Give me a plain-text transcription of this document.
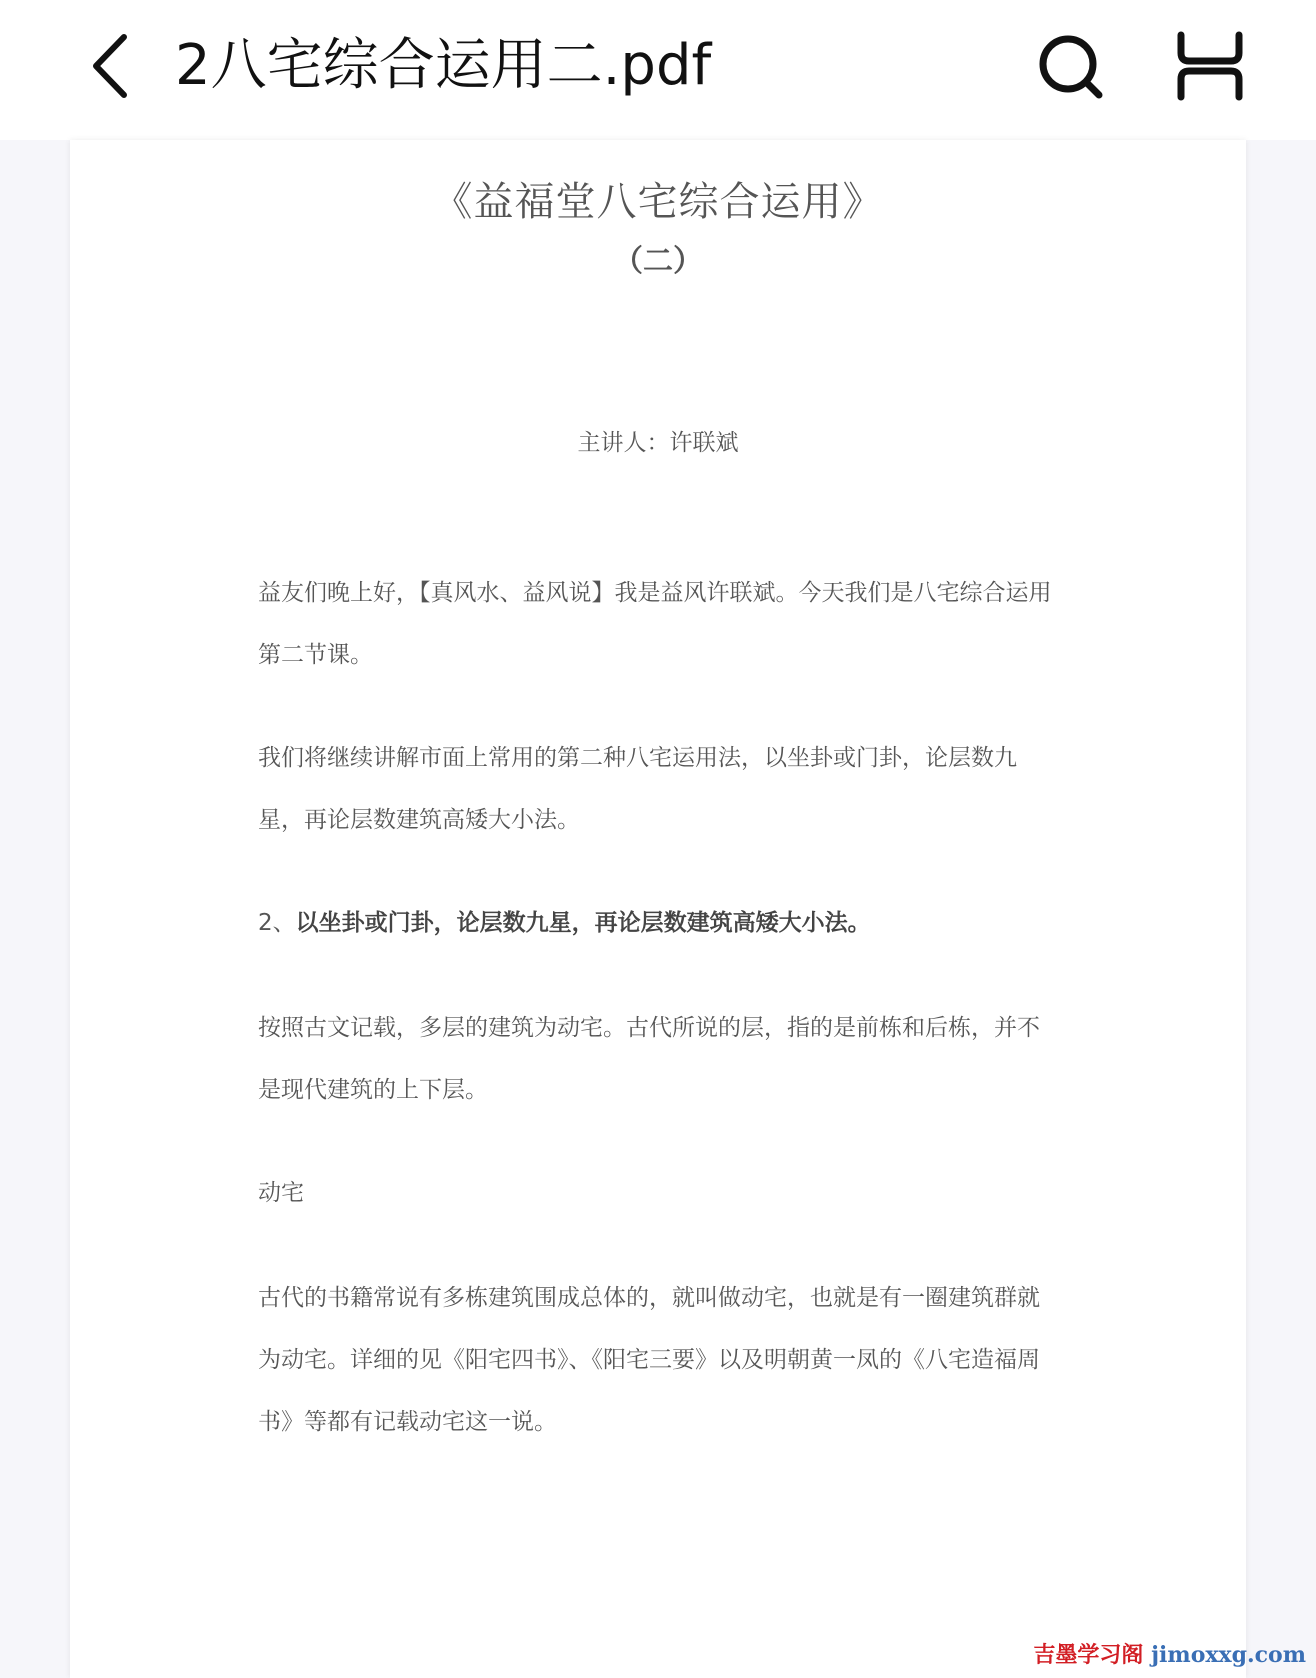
2八宅综合运用二.pdf
《益福堂八宅综合运用》
（二）
主讲人：许联斌

益友们晚上好，【真风水、益风说】我是益风许联斌。今天我们是八宅综合运用第二节课。

我们将继续讲解市面上常用的第二种八宅运用法，以坐卦或门卦，论层数九星，再论层数建筑高矮大小法。

2、以坐卦或门卦，论层数九星，再论层数建筑高矮大小法。

按照古文记载，多层的建筑为动宅。古代所说的层，指的是前栋和后栋，并不是现代建筑的上下层。

动宅

古代的书籍常说有多栋建筑围成总体的，就叫做动宅，也就是有一圈建筑群就为动宅。详细的见《阳宅四书》、《阳宅三要》以及明朝黄一凤的《八宅造福周书》等都有记载动宅这一说。

吉墨学习阁 jimoxxg.com
